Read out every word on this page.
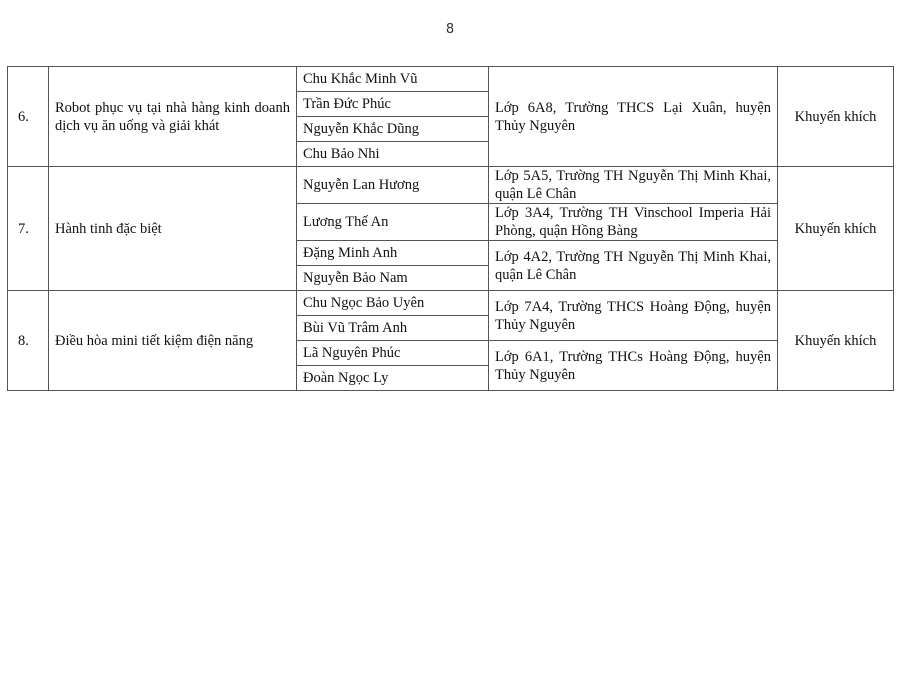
8
6.	Robot phục vụ tại nhà hàng kinh doanh dịch vụ ăn uống và giải khát	Chu Khắc Minh Vũ	Lớp 6A8, Trường THCS Lại Xuân, huyện Thủy Nguyên	Khuyến khích
		Trần Đức Phúc		
		Nguyễn Khắc Dũng		
		Chu Bảo Nhi		
7.	Hành tinh đặc biệt	Nguyễn Lan Hương	Lớp 5A5, Trường TH Nguyễn Thị Minh Khai, quận Lê Chân	Khuyến khích
		Lương Thế An	Lớp 3A4, Trường TH Vinschool Imperia Hải Phòng, quận Hồng Bàng	
		Đặng Minh Anh	Lớp 4A2, Trường TH Nguyễn Thị Minh Khai, quận Lê Chân	
		Nguyễn Bảo Nam		
8.	Điều hòa mini tiết kiệm điện năng	Chu Ngọc Bảo Uyên	Lớp 7A4, Trường THCS Hoàng Động, huyện Thủy Nguyên	Khuyến khích
		Bùi Vũ Trâm Anh		
		Lã Nguyên Phúc	Lớp 6A1, Trường THCs Hoàng Động, huyện Thủy Nguyên	
		Đoàn Ngọc Ly		
